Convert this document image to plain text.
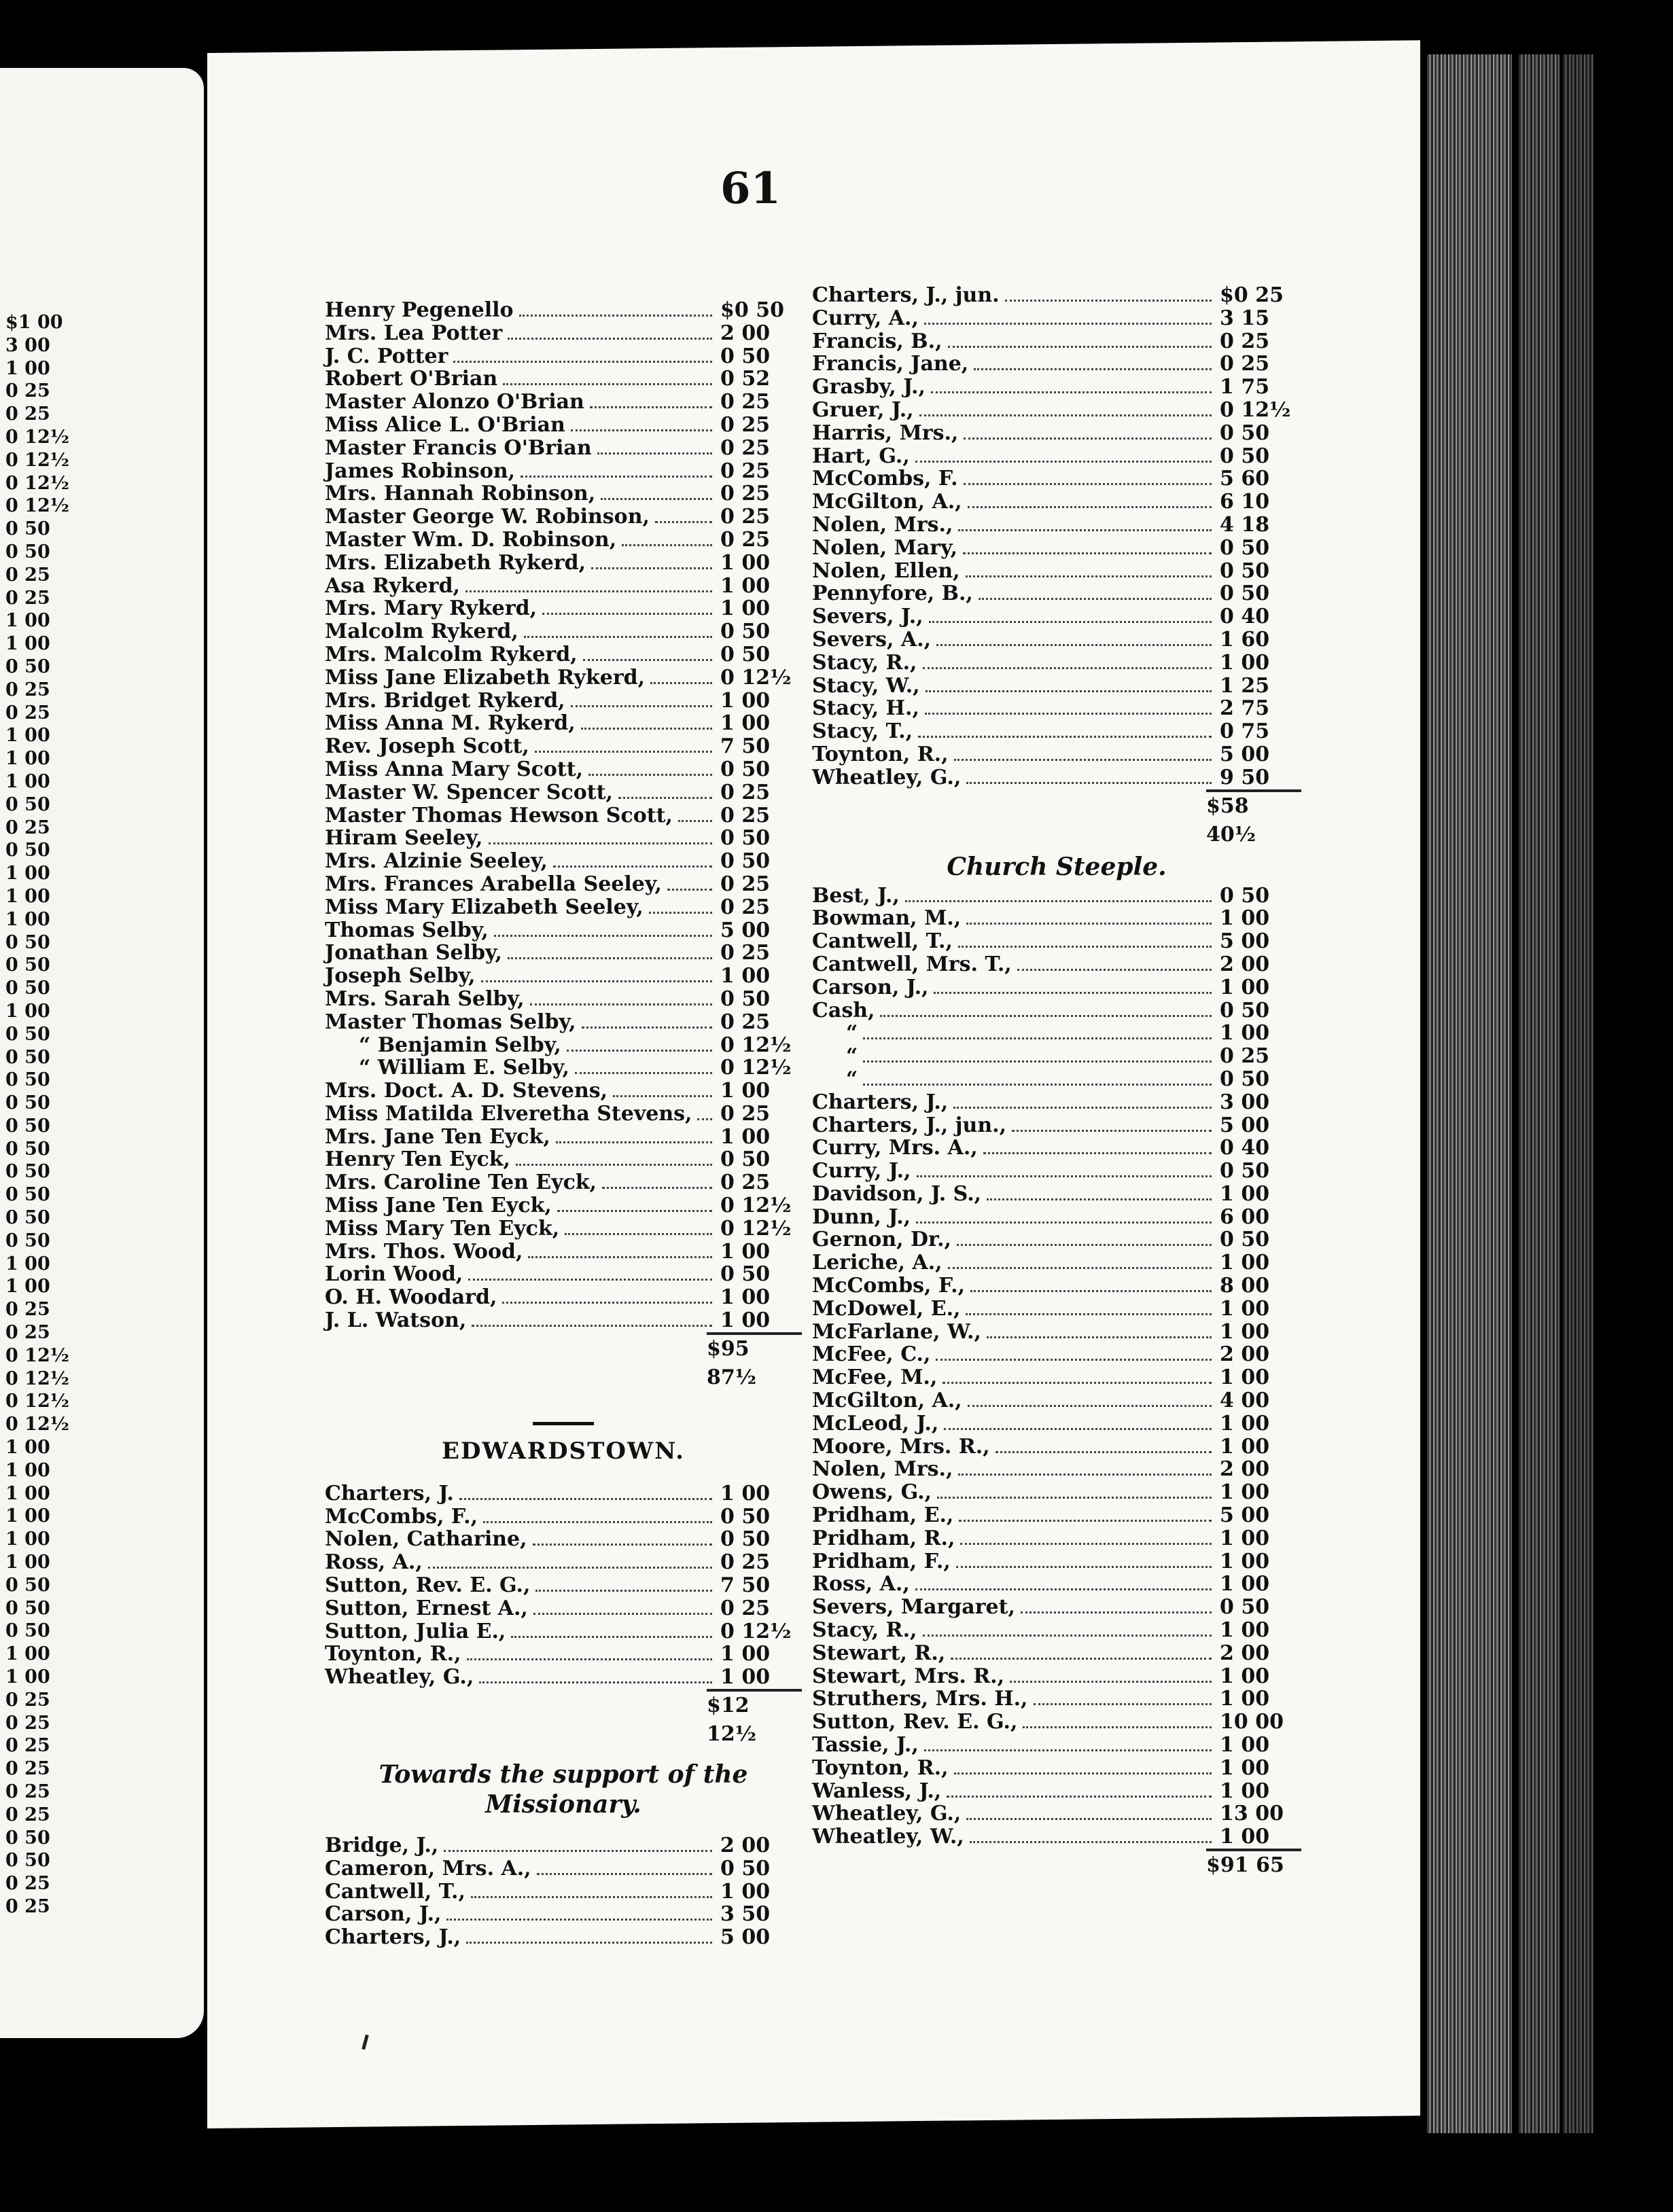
$1 00
3 00
1 00
0 25
0 25
0 12½
0 12½
0 12½
0 12½
0 50
0 50
0 25
0 25
1 00
1 00
0 50
0 25
0 25
1 00
1 00
1 00
0 50
0 25
0 50
1 00
1 00
1 00
0 50
0 50
0 50
1 00
0 50
0 50
0 50
0 50
0 50
0 50
0 50
0 50
0 50
0 50
1 00
1 00
0 25
0 25
0 12½
0 12½
0 12½
0 12½
1 00
1 00
1 00
1 00
1 00
1 00
0 50
0 50
0 50
1 00
1 00
0 25
0 25
0 25
0 25
0 25
0 25
0 50
0 50
0 25
0 25
61
Henry Pegenello	$0 50
Mrs. Lea Potter	2 00
J. C. Potter	0 50
Robert O'Brian	0 52
Master Alonzo O'Brian	0 25
Miss Alice L. O'Brian	0 25
Master Francis O'Brian	0 25
James Robinson,	0 25
Mrs. Hannah Robinson,	0 25
Master George W. Robinson,	0 25
Master Wm. D. Robinson,	0 25
Mrs. Elizabeth Rykerd,	1 00
Asa Rykerd,	1 00
Mrs. Mary Rykerd,	1 00
Malcolm Rykerd,	0 50
Mrs. Malcolm Rykerd,	0 50
Miss Jane Elizabeth Rykerd,	0 12½
Mrs. Bridget Rykerd,	1 00
Miss Anna M. Rykerd,	1 00
Rev. Joseph Scott,	7 50
Miss Anna Mary Scott,	0 50
Master W. Spencer Scott,	0 25
Master Thomas Hewson Scott, 0 25
Hiram Seeley,	0 50
Mrs. Alzinie Seeley,	0 50
Mrs. Frances Arabella Seeley,	0 25
Miss Mary Elizabeth Seeley,	0 25
Thomas Selby,	5 00
Jonathan Selby,	0 25
Joseph Selby,	1 00
Mrs. Sarah Selby,	0 50
Master Thomas Selby,	0 25
“ Benjamin Selby,	0 12½
“ William E. Selby,	0 12½
Mrs. Doct. A. D. Stevens,	1 00
Miss Matilda Elveretha Stevens, 0 25
Mrs. Jane Ten Eyck,	1 00
Henry Ten Eyck,	0 50
Mrs. Caroline Ten Eyck,	0 25
Miss Jane Ten Eyck,	0 12½
Miss Mary Ten Eyck,	0 12½
Mrs. Thos. Wood,	1 00
Lorin Wood,	0 50
O. H. Woodard,	1 00
J. L. Watson,	1 00
$95 87½
EDWARDSTOWN.
Charters, J.	1 00
McCombs, F.,	0 50
Nolen, Catharine,	0 50
Ross, A.,	0 25
Sutton, Rev. E. G.,	7 50
Sutton, Ernest A.,	0 25
Sutton, Julia E.,	0 12½
Toynton, R.,	1 00
Wheatley, G.,	1 00
$12 12½
Towards the support of the
Missionary.
Bridge, J.,	2 00
Cameron, Mrs. A.,	0 50
Cantwell, T.,	1 00
Carson, J.,	3 50
Charters, J.,	5 00
Charters, J., jun.	$0 25
Curry, A.,	3 15
Francis, B.,	0 25
Francis, Jane,	0 25
Grasby, J.,	1 75
Gruer, J.,	0 12½
Harris, Mrs.,	0 50
Hart, G.,	0 50
McCombs, F.	5 60
McGilton, A.,	6 10
Nolen, Mrs.,	4 18
Nolen, Mary,	0 50
Nolen, Ellen,	0 50
Pennyfore, B.,	0 50
Severs, J.,	0 40
Severs, A.,	1 60
Stacy, R.,	1 00
Stacy, W.,	1 25
Stacy, H.,	2 75
Stacy, T.,	0 75
Toynton, R.,	5 00
Wheatley, G.,	9 50
$58 40½
Church Steeple.
Best, J.,	0 50
Bowman, M.,	1 00
Cantwell, T.,	5 00
Cantwell, Mrs. T.,	2 00
Carson, J.,	1 00
Cash,	0 50
“	1 00
“	0 25
“	0 50
Charters, J.,	3 00
Charters, J., jun.,	5 00
Curry, Mrs. A.,	0 40
Curry, J.,	0 50
Davidson, J. S.,	1 00
Dunn, J.,	6 00
Gernon, Dr.,	0 50
Leriche, A.,	1 00
McCombs, F.,	8 00
McDowel, E.,	1 00
McFarlane, W.,	1 00
McFee, C.,	2 00
McFee, M.,	1 00
McGilton, A.,	4 00
McLeod, J.,	1 00
Moore, Mrs. R.,	1 00
Nolen, Mrs.,	2 00
Owens, G.,	1 00
Pridham, E.,	5 00
Pridham, R.,	1 00
Pridham, F.,	1 00
Ross, A.,	1 00
Severs, Margaret,	0 50
Stacy, R.,	1 00
Stewart, R.,	2 00
Stewart, Mrs. R.,	1 00
Struthers, Mrs. H.,	1 00
Sutton, Rev. E. G.,	10 00
Tassie, J.,	1 00
Toynton, R.,	1 00
Wanless, J.,	1 00
Wheatley, G.,	13 00
Wheatley, W.,	1 00
$91 65
